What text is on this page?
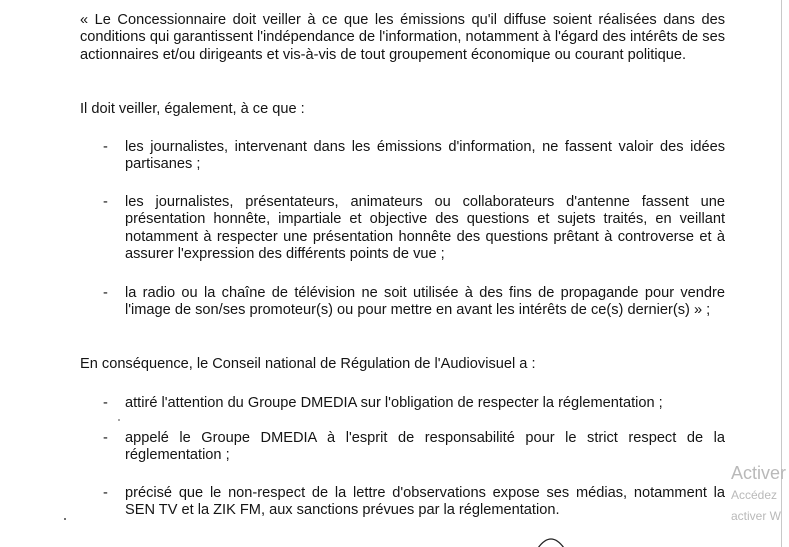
« Le Concessionnaire doit veiller à ce que les émissions qu'il diffuse soient réalisées dans des conditions qui garantissent l'indépendance de l'information, notamment à l'égard des intérêts de ses actionnaires et/ou dirigeants et vis-à-vis de tout groupement économique ou courant politique.

Il doit veiller, également, à ce que :

-	les journalistes, intervenant dans les émissions d'information, ne fassent valoir des idées partisanes ;

-	les journalistes, présentateurs, animateurs ou collaborateurs d'antenne fassent une présentation honnête, impartiale et objective des questions et sujets traités, en veillant notamment à respecter une présentation honnête des questions prêtant à controverse et à assurer l'expression des différents points de vue ;

-	la radio ou la chaîne de télévision ne soit utilisée à des fins de propagande pour vendre l'image de son/ses promoteur(s) ou pour mettre en avant les intérêts de ce(s) dernier(s) » ;

En conséquence, le Conseil national de Régulation de l'Audiovisuel a :

-	attiré l'attention du Groupe DMEDIA sur l'obligation de respecter la réglementation ;

-	appelé le Groupe DMEDIA à l'esprit de responsabilité pour le strict respect de la réglementation ;

-	précisé que le non-respect de la lettre d'observations expose ses médias, notamment la SEN TV et la ZIK FM, aux sanctions prévues par la réglementation.

Activer
Accédez
activer W
